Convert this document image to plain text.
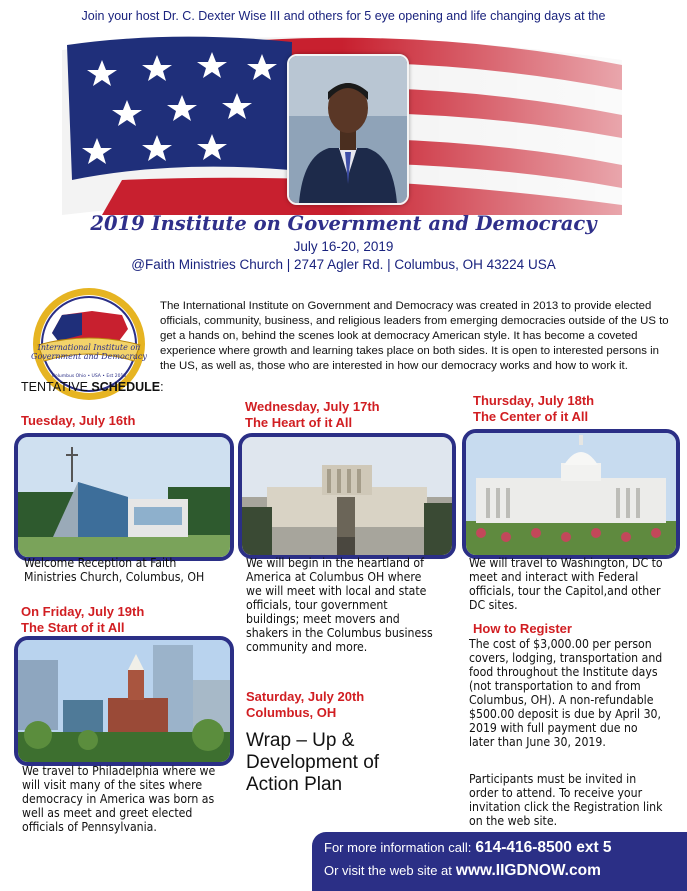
Join your host Dr. C. Dexter Wise III and others for 5 eye opening and life changing days at the
2019 Institute on Government and Democracy
July 16-20, 2019
@Faith Ministries Church | 2747 Agler Rd. | Columbus, OH 43224 USA
International Institute on
Government and Democracy
Columbus Ohio • USA • Est 2013
The International Institute on Government and Democracy was created in 2013 to provide elected officials, community, business, and religious leaders from emerging democracies outside of the US to get a hands on, behind the scenes look at democracy American style. It has become a coveted experience where growth and learning takes place on both sides. It is open to interested persons in the US, as well as, those who are interested in how our democracy works and how to work it.
TENTATIVE SCHEDULE:
Tuesday, July 16th
Welcome Reception at Faith Ministries Church, Columbus, OH
Wednesday, July 17th
The Heart of it All
We will begin in the heartland of America at Columbus OH where we will meet with local and state officials, tour government buildings; meet movers and shakers in the Columbus business community and more.
Thursday, July 18th
The Center of it All
We will travel to Washington, DC to meet and interact with Federal officials, tour the Capitol,and other DC sites.
On Friday, July 19th
The Start of it All
We travel to Philadelphia where we will visit many of the sites where democracy in America was born as well as meet and greet elected officials of Pennsylvania.
Saturday, July 20th
Columbus, OH
Wrap – Up & Development of Action Plan
How to Register
The cost of $3,000.00 per person covers, lodging, transportation and food throughout the Institute days (not transportation to and from Columbus, OH). A non-refundable $500.00 deposit is due by April 30, 2019 with full payment due no later than June 30, 2019.
Participants must be invited in order to attend. To receive your invitation click the Registration link on the web site.
For more information call: 614-416-8500 ext 5
Or visit the web site at www.IIGDNOW.com
